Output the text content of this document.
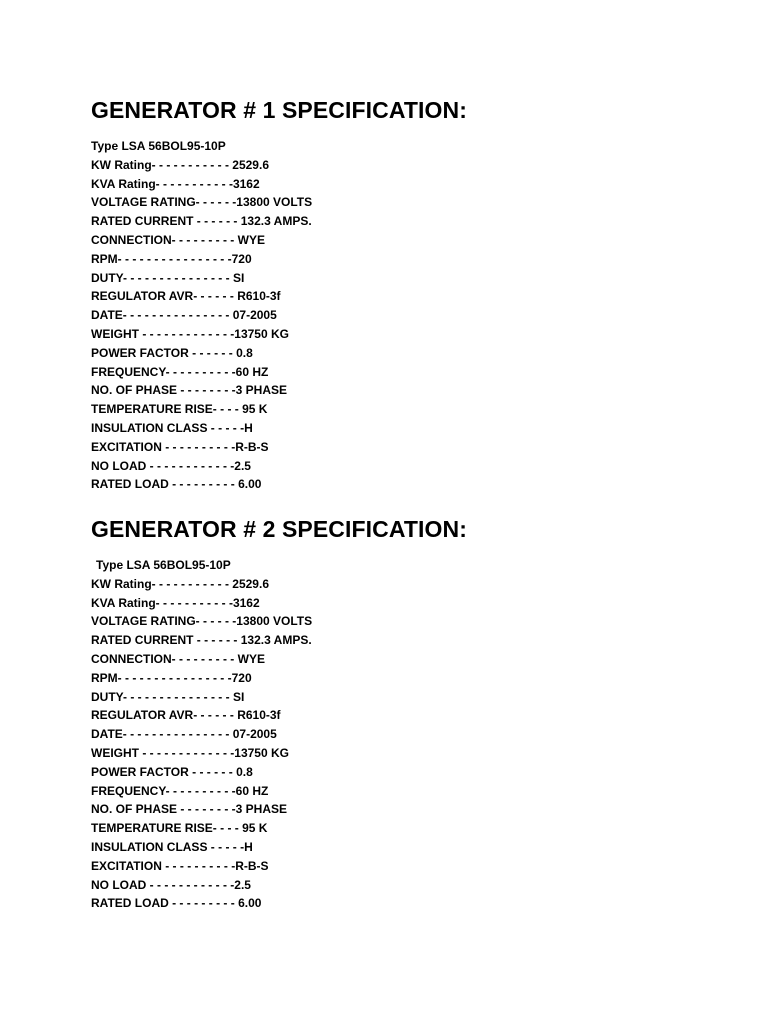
GENERATOR # 1 SPECIFICATION:
Type LSA 56BOL95-10P
KW Rating- - - - - - - - - - - 2529.6
KVA Rating- - - - - - - - - - -3162
VOLTAGE RATING- - - - - -13800 VOLTS
RATED CURRENT - - - - - - 132.3 AMPS.
CONNECTION- - - - - - - - - WYE
RPM- - - - - - - - - - - - - - - -720
DUTY- - - - - - - - - - - - - - - SI
REGULATOR AVR- - - - - - R610-3f
DATE- - - - - - - - - - - - - - - 07-2005
WEIGHT - - - - - - - - - - - - -13750 KG
POWER FACTOR - - - - - - 0.8
FREQUENCY- - - - - - - - - -60 HZ
NO. OF PHASE - - - - - - - -3 PHASE
TEMPERATURE RISE- - - - 95 K
INSULATION CLASS - - - - -H
EXCITATION - - - - - - - - - -R-B-S
NO LOAD - - - - - - - - - - - -2.5
RATED LOAD - - - - - - - - - 6.00
GENERATOR # 2 SPECIFICATION:
Type LSA 56BOL95-10P
KW Rating- - - - - - - - - - - 2529.6
KVA Rating- - - - - - - - - - -3162
VOLTAGE RATING- - - - - -13800 VOLTS
RATED CURRENT - - - - - - 132.3 AMPS.
CONNECTION- - - - - - - - - WYE
RPM- - - - - - - - - - - - - - - -720
DUTY- - - - - - - - - - - - - - - SI
REGULATOR AVR- - - - - - R610-3f
DATE- - - - - - - - - - - - - - - 07-2005
WEIGHT - - - - - - - - - - - - -13750 KG
POWER FACTOR - - - - - - 0.8
FREQUENCY- - - - - - - - - -60 HZ
NO. OF PHASE - - - - - - - -3 PHASE
TEMPERATURE RISE- - - - 95 K
INSULATION CLASS - - - - -H
EXCITATION - - - - - - - - - -R-B-S
NO LOAD - - - - - - - - - - - -2.5
RATED LOAD - - - - - - - - - 6.00
